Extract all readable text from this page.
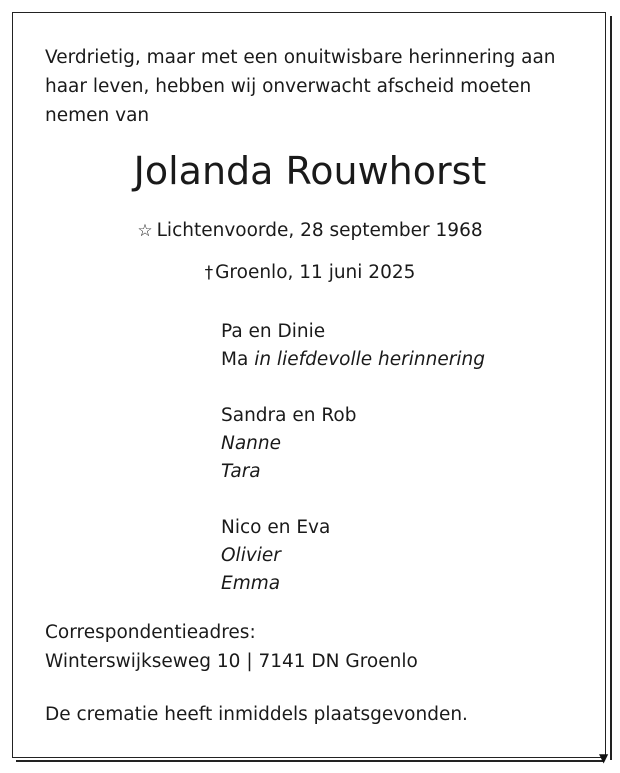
▼
Verdrietig, maar met een onuitwisbare herinnering aan haar leven, hebben wij onverwacht afscheid moeten nemen van
Jolanda Rouwhorst
☆ Lichtenvoorde, 28 september 1968
† Groenlo, 11 juni 2025
Pa en Dinie
Ma in liefdevolle herinnering
Sandra en Rob
Nanne
Tara
Nico en Eva
Olivier
Emma
Correspondentieadres:
Winterswijkseweg 10 | 7141 DN Groenlo
De crematie heeft inmiddels plaatsgevonden.
